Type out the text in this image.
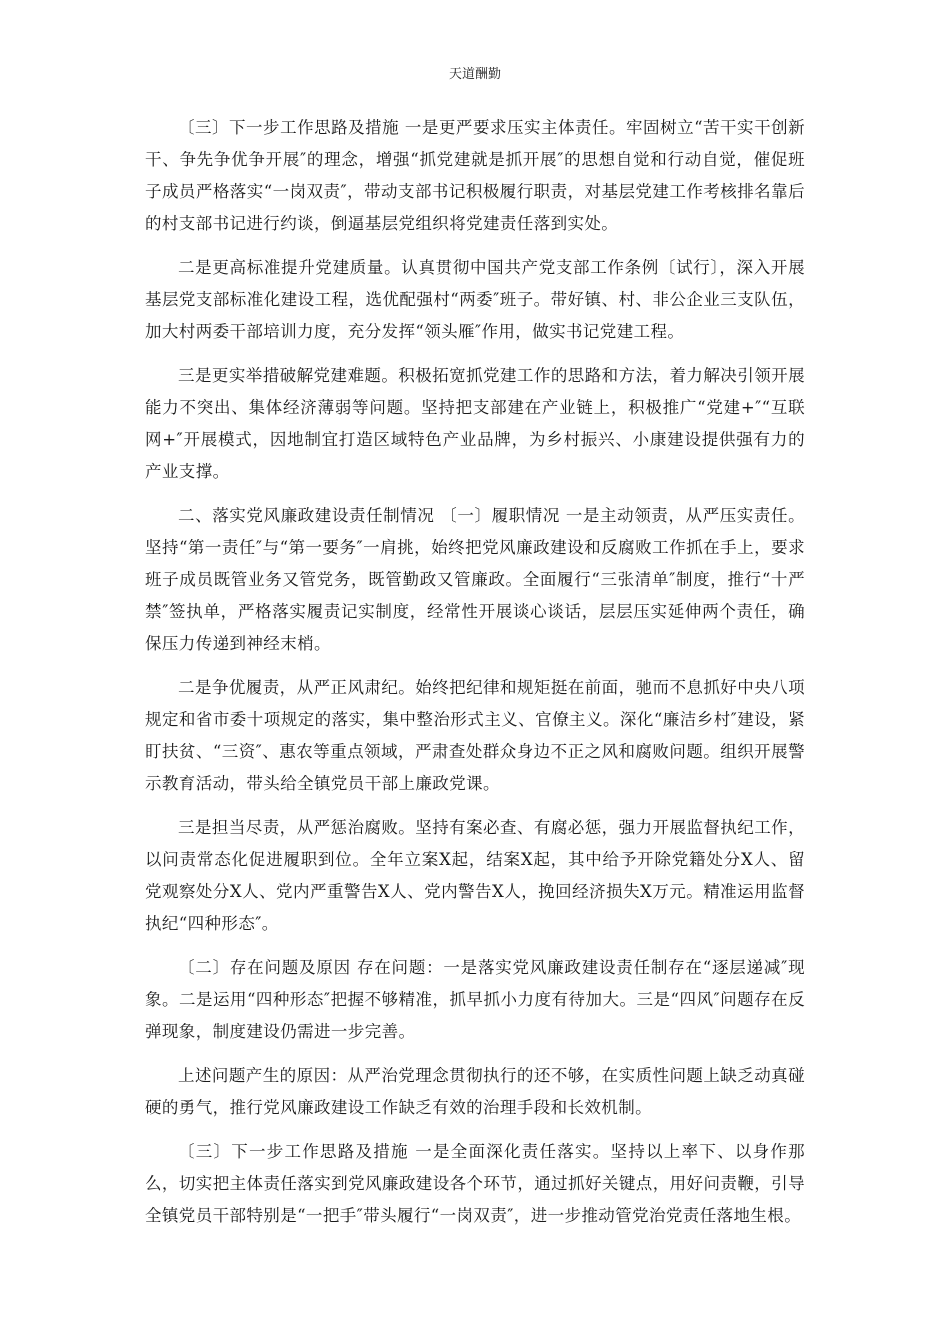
天道酬勤

〔三〕下一步工作思路及措施 一是更严要求压实主体责任。牢固树立“苦干实干创新干、争先争优争开展″的理念，增强“抓党建就是抓开展″的思想自觉和行动自觉，催促班子成员严格落实“一岗双责″，带动支部书记积极履行职责，对基层党建工作考核排名靠后的村支部书记进行约谈，倒逼基层党组织将党建责任落到实处。

二是更高标准提升党建质量。认真贯彻中国共产党支部工作条例〔试行〕，深入开展基层党支部标准化建设工程，选优配强村“两委″班子。带好镇、村、非公企业三支队伍，加大村两委干部培训力度，充分发挥“领头雁″作用，做实书记党建工程。

三是更实举措破解党建难题。积极拓宽抓党建工作的思路和方法，着力解决引领开展能力不突出、集体经济薄弱等问题。坚持把支部建在产业链上，积极推广“党建+″“互联网+″开展模式，因地制宜打造区域特色产业品牌，为乡村振兴、小康建设提供强有力的产业支撑。

二、落实党风廉政建设责任制情况 〔一〕履职情况 一是主动领责，从严压实责任。坚持“第一责任″与“第一要务″一肩挑，始终把党风廉政建设和反腐败工作抓在手上，要求班子成员既管业务又管党务，既管勤政又管廉政。全面履行“三张清单″制度，推行“十严禁″签执单，严格落实履责记实制度，经常性开展谈心谈话，层层压实延伸两个责任，确保压力传递到神经末梢。

二是争优履责，从严正风肃纪。始终把纪律和规矩挺在前面，驰而不息抓好中央八项规定和省市委十项规定的落实，集中整治形式主义、官僚主义。深化“廉洁乡村″建设，紧盯扶贫、“三资″、惠农等重点领域，严肃查处群众身边不正之风和腐败问题。组织开展警示教育活动，带头给全镇党员干部上廉政党课。

三是担当尽责，从严惩治腐败。坚持有案必查、有腐必惩，强力开展监督执纪工作，以问责常态化促进履职到位。全年立案X起，结案X起，其中给予开除党籍处分X人、留党观察处分X人、党内严重警告X人、党内警告X人，挽回经济损失X万元。精准运用监督执纪“四种形态″。

〔二〕存在问题及原因 存在问题：一是落实党风廉政建设责任制存在“逐层递减″现象。二是运用“四种形态″把握不够精准，抓早抓小力度有待加大。三是“四风″问题存在反弹现象，制度建设仍需进一步完善。

上述问题产生的原因：从严治党理念贯彻执行的还不够，在实质性问题上缺乏动真碰硬的勇气，推行党风廉政建设工作缺乏有效的治理手段和长效机制。

〔三〕下一步工作思路及措施 一是全面深化责任落实。坚持以上率下、以身作那么，切实把主体责任落实到党风廉政建设各个环节，通过抓好关键点，用好问责鞭，引导全镇党员干部特别是“一把手″带头履行“一岗双责″，进一步推动管党治党责任落地生根。
